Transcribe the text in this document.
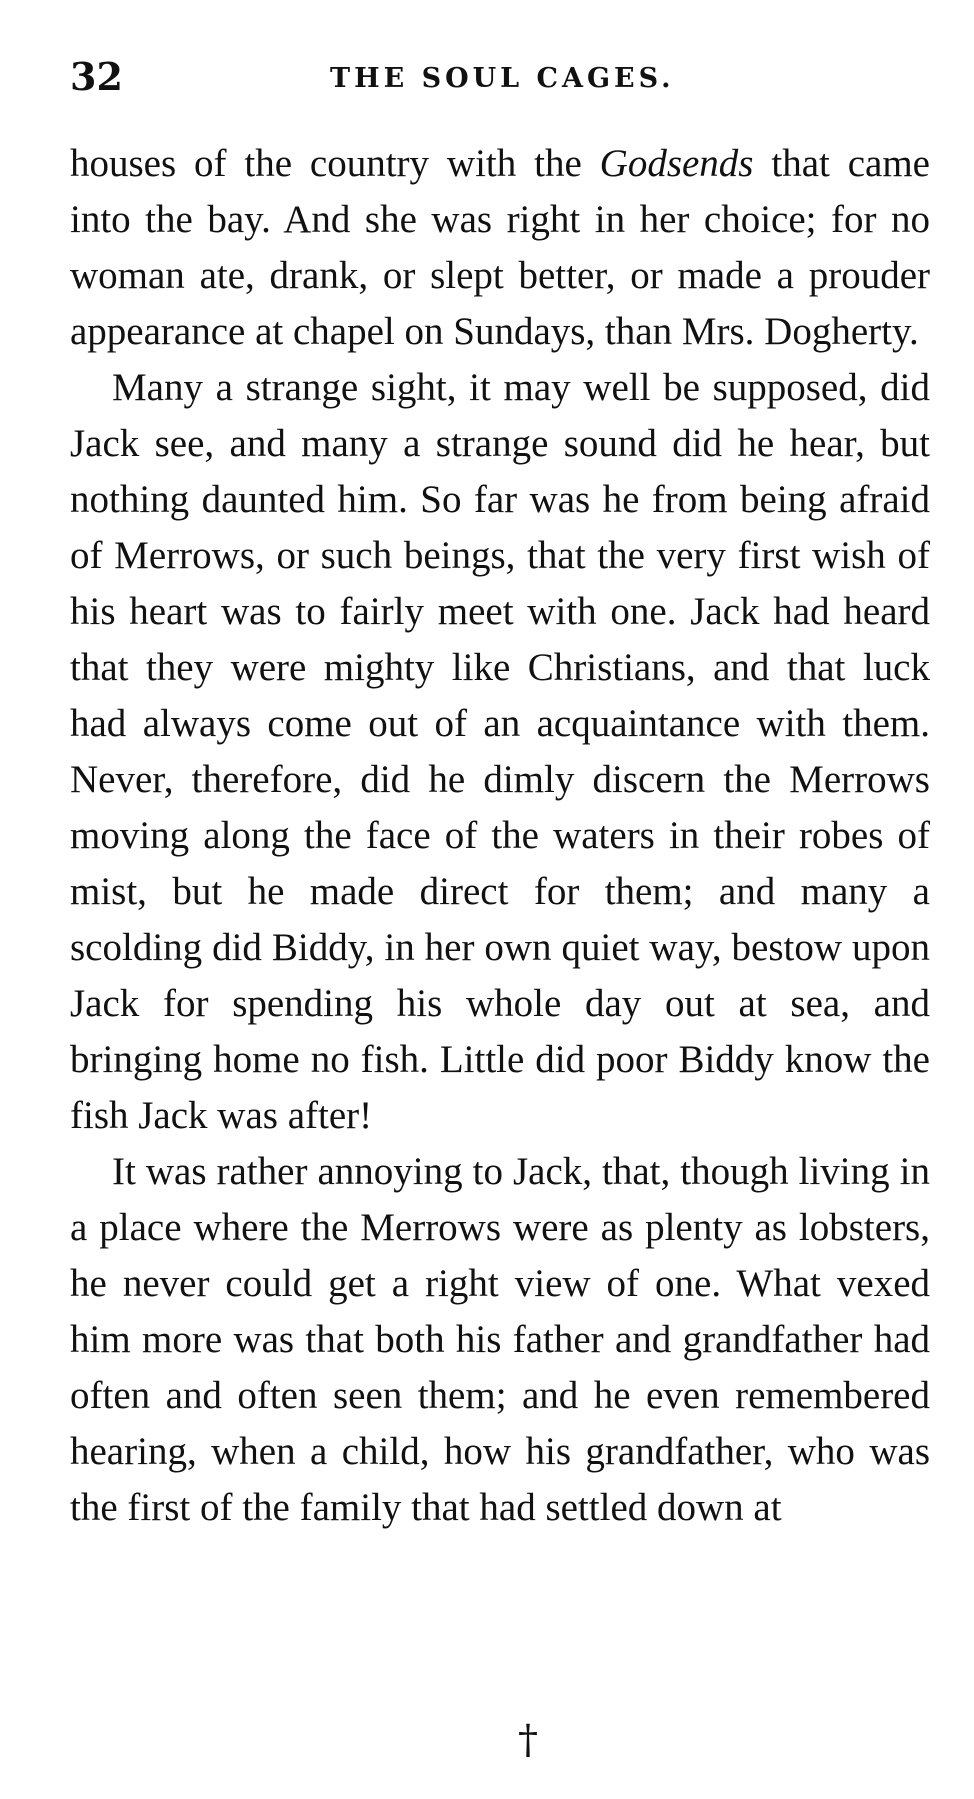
32	THE SOUL CAGES.

houses of the country with the Godsends that came into the bay. And she was right in her choice; for no woman ate, drank, or slept better, or made a prouder appearance at chapel on Sundays, than Mrs. Dogherty.

Many a strange sight, it may well be supposed, did Jack see, and many a strange sound did he hear, but nothing daunted him. So far was he from being afraid of Merrows, or such beings, that the very first wish of his heart was to fairly meet with one. Jack had heard that they were mighty like Christians, and that luck had always come out of an acquaintance with them. Never, therefore, did he dimly discern the Merrows moving along the face of the waters in their robes of mist, but he made direct for them; and many a scolding did Biddy, in her own quiet way, bestow upon Jack for spending his whole day out at sea, and bringing home no fish. Little did poor Biddy know the fish Jack was after!

It was rather annoying to Jack, that, though living in a place where the Merrows were as plenty as lobsters, he never could get a right view of one. What vexed him more was that both his father and grandfather had often and often seen them; and he even remembered hearing, when a child, how his grandfather, who was the first of the family that had settled down at

†
